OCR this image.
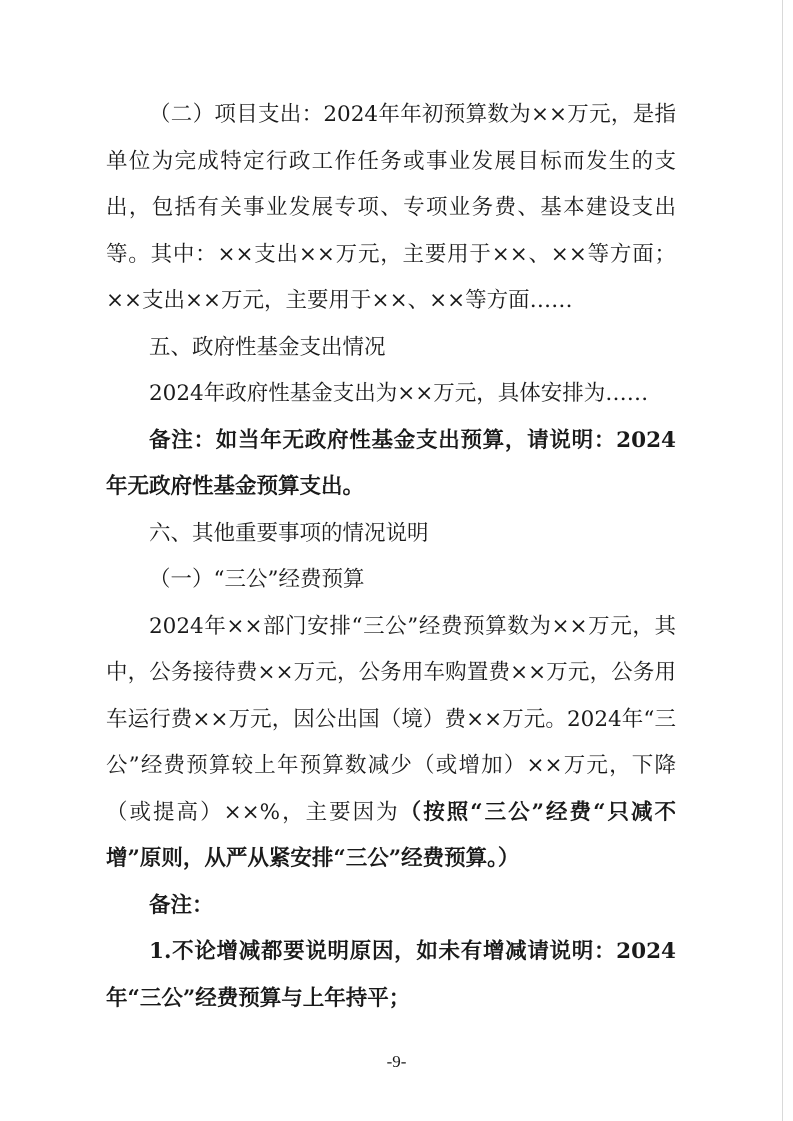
（二）项目支出：2024年年初预算数为××万元，是指单位为完成特定行政工作任务或事业发展目标而发生的支出，包括有关事业发展专项、专项业务费、基本建设支出等。其中：××支出××万元，主要用于××、××等方面；××支出××万元，主要用于××、××等方面……

五、政府性基金支出情况

2024年政府性基金支出为××万元，具体安排为……

备注：如当年无政府性基金支出预算，请说明：2024年无政府性基金预算支出。

六、其他重要事项的情况说明

（一）“三公”经费预算

2024年××部门安排“三公”经费预算数为××万元，其中，公务接待费××万元，公务用车购置费××万元，公务用车运行费××万元，因公出国（境）费××万元。2024年“三公”经费预算较上年预算数减少（或增加）××万元，下降（或提高）××%，主要因为（按照“三公”经费“只减不增”原则，从严从紧安排“三公”经费预算。）

备注：

1.不论增减都要说明原因，如未有增减请说明：2024年“三公”经费预算与上年持平；

-9-
